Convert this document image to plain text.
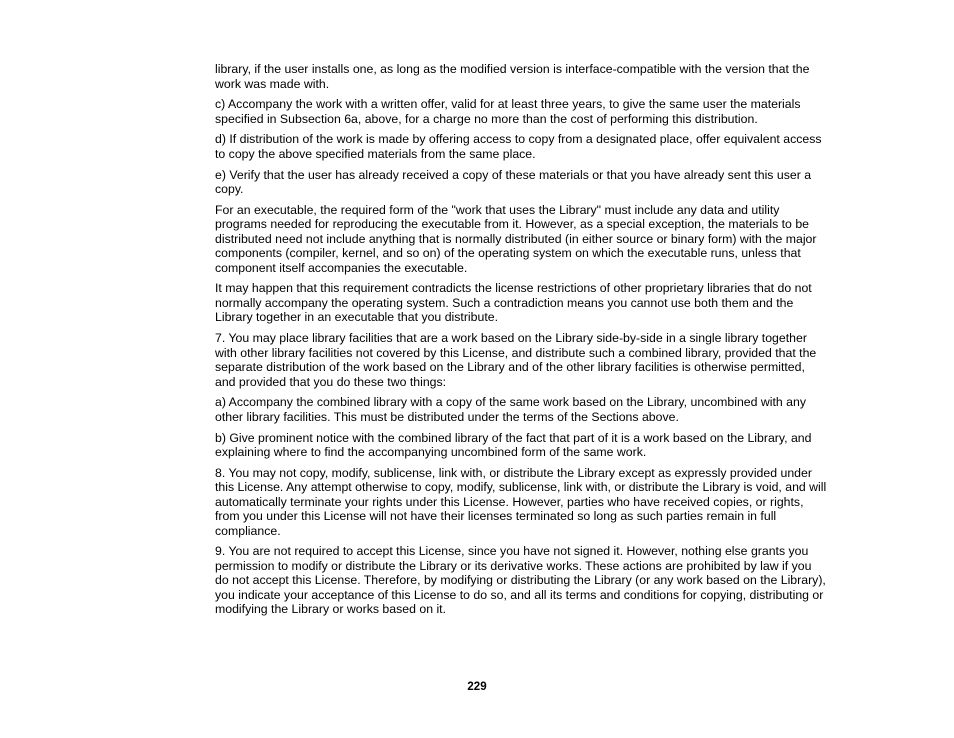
library, if the user installs one, as long as the modified version is interface-compatible with the version that the work was made with.

c) Accompany the work with a written offer, valid for at least three years, to give the same user the materials specified in Subsection 6a, above, for a charge no more than the cost of performing this distribution.

d) If distribution of the work is made by offering access to copy from a designated place, offer equivalent access to copy the above specified materials from the same place.

e) Verify that the user has already received a copy of these materials or that you have already sent this user a copy.

For an executable, the required form of the "work that uses the Library" must include any data and utility programs needed for reproducing the executable from it. However, as a special exception, the materials to be distributed need not include anything that is normally distributed (in either source or binary form) with the major components (compiler, kernel, and so on) of the operating system on which the executable runs, unless that component itself accompanies the executable.

It may happen that this requirement contradicts the license restrictions of other proprietary libraries that do not normally accompany the operating system. Such a contradiction means you cannot use both them and the Library together in an executable that you distribute.

7. You may place library facilities that are a work based on the Library side-by-side in a single library together with other library facilities not covered by this License, and distribute such a combined library, provided that the separate distribution of the work based on the Library and of the other library facilities is otherwise permitted, and provided that you do these two things:

a) Accompany the combined library with a copy of the same work based on the Library, uncombined with any other library facilities. This must be distributed under the terms of the Sections above.

b) Give prominent notice with the combined library of the fact that part of it is a work based on the Library, and explaining where to find the accompanying uncombined form of the same work.

8. You may not copy, modify, sublicense, link with, or distribute the Library except as expressly provided under this License. Any attempt otherwise to copy, modify, sublicense, link with, or distribute the Library is void, and will automatically terminate your rights under this License. However, parties who have received copies, or rights, from you under this License will not have their licenses terminated so long as such parties remain in full compliance.

9. You are not required to accept this License, since you have not signed it. However, nothing else grants you permission to modify or distribute the Library or its derivative works. These actions are prohibited by law if you do not accept this License. Therefore, by modifying or distributing the Library (or any work based on the Library), you indicate your acceptance of this License to do so, and all its terms and conditions for copying, distributing or modifying the Library or works based on it.

229
